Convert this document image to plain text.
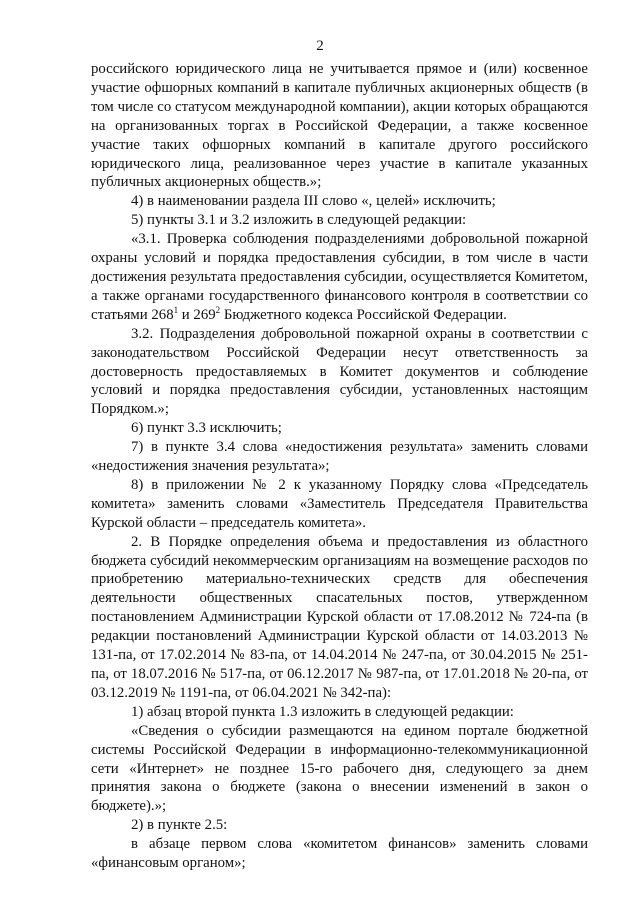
2

российского юридического лица не учитывается прямое и (или) косвенное участие офшорных компаний в капитале публичных акционерных обществ (в том числе со статусом международной компании), акции которых обращаются на организованных торгах в Российской Федерации, а также косвенное участие таких офшорных компаний в капитале другого российского юридического лица, реализованное через участие в капитале указанных публичных акционерных обществ.»;

4) в наименовании раздела III слово «, целей» исключить;

5) пункты 3.1 и 3.2 изложить в следующей редакции:

«3.1. Проверка соблюдения подразделениями добровольной пожарной охраны условий и порядка предоставления субсидии, в том числе в части достижения результата предоставления субсидии, осуществляется Комитетом, а также органами государственного финансового контроля в соответствии со статьями $268^1$ и $269^2$ Бюджетного кодекса Российской Федерации.

3.2. Подразделения добровольной пожарной охраны в соответствии с законодательством Российской Федерации несут ответственность за достоверность предоставляемых в Комитет документов и соблюдение условий и порядка предоставления субсидии, установленных настоящим Порядком.»;

6) пункт 3.3 исключить;

7) в пункте 3.4 слова «недостижения результата» заменить словами «недостижения значения результата»;

8) в приложении № 2 к указанному Порядку слова «Председатель комитета» заменить словами «Заместитель Председателя Правительства Курской области – председатель комитета».

2. В Порядке определения объема и предоставления из областного бюджета субсидий некоммерческим организациям на возмещение расходов по приобретению материально-технических средств для обеспечения деятельности общественных спасательных постов, утвержденном постановлением Администрации Курской области от 17.08.2012 № 724-па (в редакции постановлений Администрации Курской области от 14.03.2013 № 131-па, от 17.02.2014 № 83-па, от 14.04.2014 № 247-па, от 30.04.2015 № 251-па, от 18.07.2016 № 517-па, от 06.12.2017 № 987-па, от 17.01.2018 № 20-па, от 03.12.2019 № 1191-па, от 06.04.2021 № 342-па):

1) абзац второй пункта 1.3 изложить в следующей редакции:

«Сведения о субсидии размещаются на едином портале бюджетной системы Российской Федерации в информационно-телекоммуникационной сети «Интернет» не позднее 15-го рабочего дня, следующего за днем принятия закона о бюджете (закона о внесении изменений в закон о бюджете).»;

2) в пункте 2.5:

в абзаце первом слова «комитетом финансов» заменить словами «финансовым органом»;
